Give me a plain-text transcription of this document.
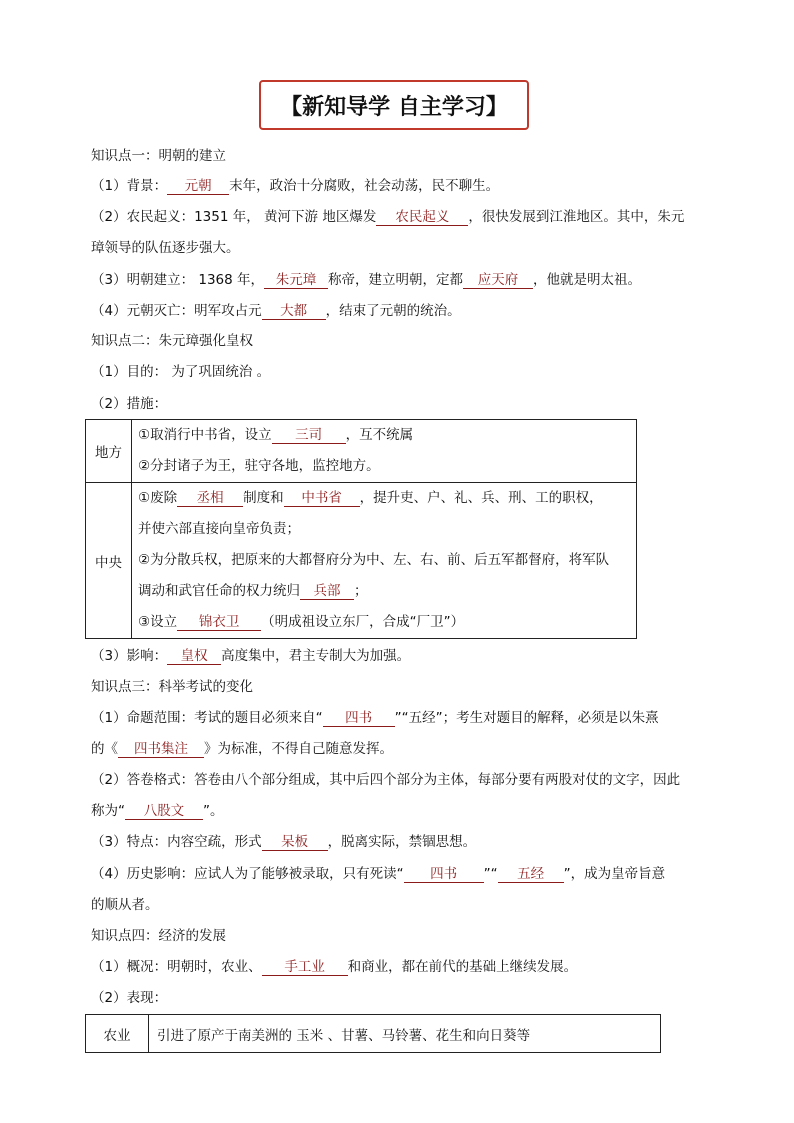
【新知导学 自主学习】
知识点一：明朝的建立
（1）背景： 元朝 末年，政治十分腐败，社会动荡，民不聊生。
（2）农民起义：1351 年， 黄河下游 地区爆发 农民起义 ，很快发展到江淮地区。其中，朱元
璋领导的队伍逐步强大。
（3）明朝建立： 1368 年， 朱元璋 称帝，建立明朝，定都 应天府 ，他就是明太祖。
（4）元朝灭亡：明军攻占元 大都 ，结束了元朝的统治。
知识点二：朱元璋强化皇权
（1）目的： 为了巩固统治 。
（2）措施：
地方	①取消行中书省，设立 三司 ，互不统属
②分封诸子为王，驻守各地，监控地方。

中央	①废除 丞相 制度和 中书省 ，提升吏、户、礼、兵、刑、工的职权，
并使六部直接向皇帝负责；
②为分散兵权，把原来的大都督府分为中、左、右、前、后五军都督府，将军队
调动和武官任命的权力统归 兵部 ；
③设立 锦衣卫 （明成祖设立东厂，合成“厂卫”）
（3）影响： 皇权 高度集中，君主专制大为加强。
知识点三：科举考试的变化
（1）命题范围：考试的题目必须来自“ 四书 ”“五经”；考生对题目的解释，必须是以朱熹
的《 四书集注 》为标准，不得自己随意发挥。
（2）答卷格式：答卷由八个部分组成，其中后四个部分为主体，每部分要有两股对仗的文字，因此
称为“ 八股文 ”。
（3）特点：内容空疏，形式 呆板 ，脱离实际，禁锢思想。
（4）历史影响：应试人为了能够被录取，只有死读“ 四书 ”“ 五经 ”，成为皇帝旨意
的顺从者。
知识点四：经济的发展
（1）概况：明朝时，农业、 手工业 和商业，都在前代的基础上继续发展。
（2）表现：
农业	引进了原产于南美洲的 玉米 、甘薯、马铃薯、花生和向日葵等
